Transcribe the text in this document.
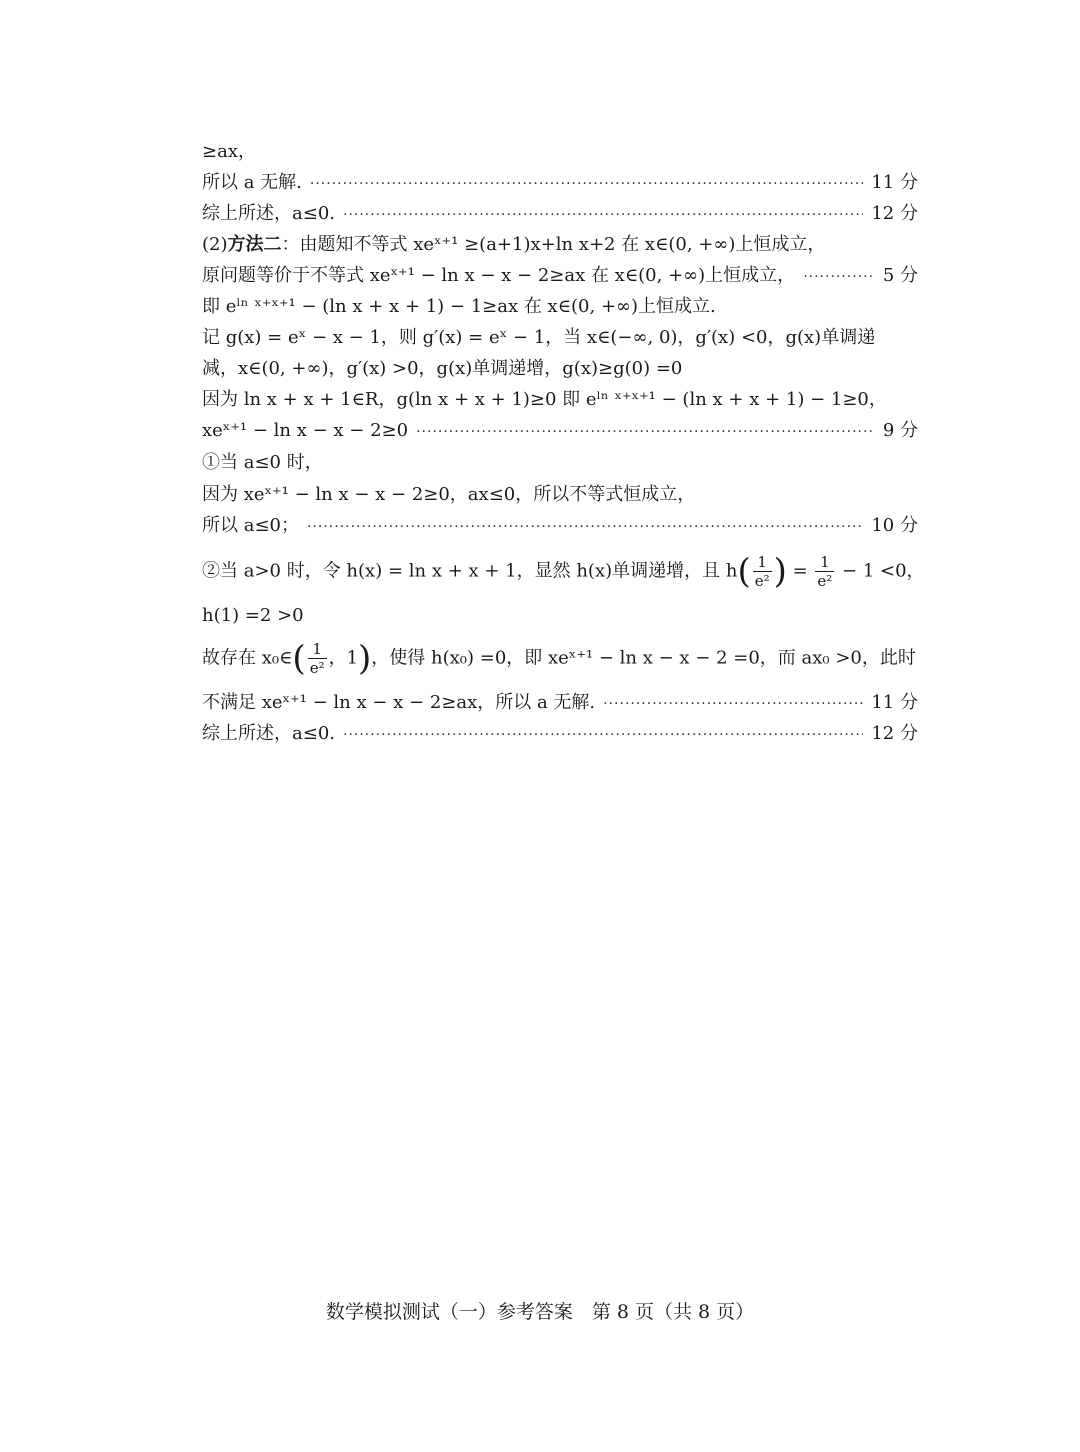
≥ax，
所以 a 无解. ·····	11 分
综上所述，a≤0. ·····	12 分
(2)方法二：由题知不等式 xeˣ⁺¹ ≥(a+1)x+ln x+2 在 x∈(0, +∞)上恒成立，
原问题等价于不等式 xeˣ⁺¹ − ln x − x − 2≥ax 在 x∈(0, +∞)上恒成立， ·····	5 分
即 eˡⁿ ˣ⁺ˣ⁺¹ − (ln x + x + 1) − 1≥ax 在 x∈(0, +∞)上恒成立.
记 g(x) = eˣ − x − 1，则 g′(x) = eˣ − 1，当 x∈(−∞, 0)，g′(x) <0，g(x)单调递
减，x∈(0, +∞)，g′(x) >0，g(x)单调递增，g(x)≥g(0) =0
因为 ln x + x + 1∈R，g(ln x + x + 1)≥0 即 eˡⁿ ˣ⁺ˣ⁺¹ − (ln x + x + 1) − 1≥0，
xeˣ⁺¹ − ln x − x − 2≥0 ·····	9 分
①当 a≤0 时，
因为 xeˣ⁺¹ − ln x − x − 2≥0，ax≤0，所以不等式恒成立，
所以 a≤0； ·····	10 分
②当 a>0 时，令 h(x) = ln x + x + 1，显然 h(x)单调递增，且 $h( \frac{1}{\text{e²}}$ ) = $\frac{1}{\text{e²}} - 1 <0$，
h(1) =2 >0
故存在 x₀∈( $\frac{1}{\text{e²}}$ ，1)，使得 h(x₀) =0，即 xeˣ⁺¹ − ln x − x − 2 =0，而 ax₀ >0，此时
不满足 xeˣ⁺¹ − ln x − x − 2≥ax，所以 a 无解. ·····	11 分
综上所述，a≤0. ·····	12 分
数学模拟测试（一）参考答案　第 8 页（共 8 页）
